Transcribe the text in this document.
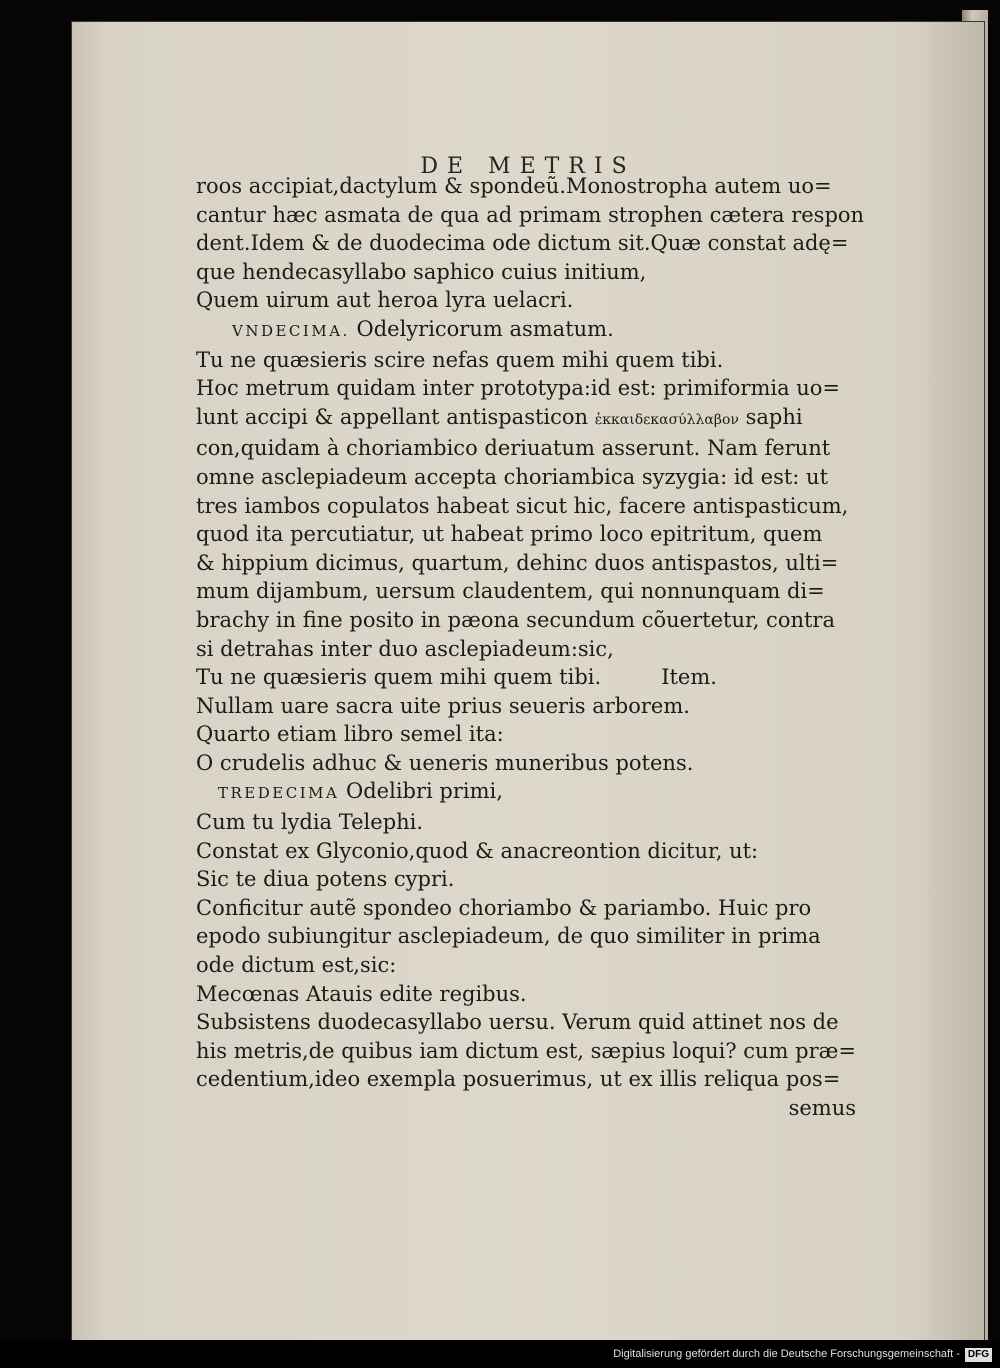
DE METRIS
roos accipiat,dactylum & spondeũ.Monostropha autem uo=
cantur hæc asmata de qua ad primam strophen cætera respon
dent.Idem & de duodecima ode dictum sit.Quæ constat adę=
que hendecasyllabo saphico cuius initium,
Quem uirum aut heroa lyra uelacri.
VNDECIMA. Odelyricorum asmatum.
Tu ne quæsieris scire nefas quem mihi quem tibi.
Hoc metrum quidam inter prototypa:id est: primiformia uo=
lunt accipi & appellant antispasticon ἐκκαιδεκασύλλαβον saphi
con,quidam à choriambico deriuatum asserunt. Nam ferunt
omne asclepiadeum accepta choriambica syzygia: id est: ut
tres iambos copulatos habeat sicut hic, facere antispasticum,
quod ita percutiatur, ut habeat primo loco epitritum, quem
& hippium dicimus, quartum, dehinc duos antispastos, ulti=
mum dijambum, uersum claudentem, qui nonnunquam di=
brachy in fine posito in pæona secundum cõuertetur, contra
si detrahas inter duo asclepiadeum:sic,
Tu ne quæsieris quem mihi quem tibi.	Item.
Nullam uare sacra uite prius seueris arborem.
Quarto etiam libro semel ita:
O crudelis adhuc & ueneris muneribus potens.
TREDECIMA Odelibri primi,
Cum tu lydia Telephi.
Constat ex Glyconio,quod & anacreontion dicitur, ut:
Sic te diua potens cypri.
Conficitur autẽ spondeo choriambo & pariambo. Huic pro
epodo subiungitur asclepiadeum, de quo similiter in prima
ode dictum est,sic:
Mecœnas Atauis edite regibus.
Subsistens duodecasyllabo uersu. Verum quid attinet nos de
his metris,de quibus iam dictum est, sæpius loqui? cum præ=
cedentium,ideo exempla posuerimus, ut ex illis reliqua pos=
semus
Digitalisierung gefördert durch die Deutsche Forschungsgemeinschaft - DFG
